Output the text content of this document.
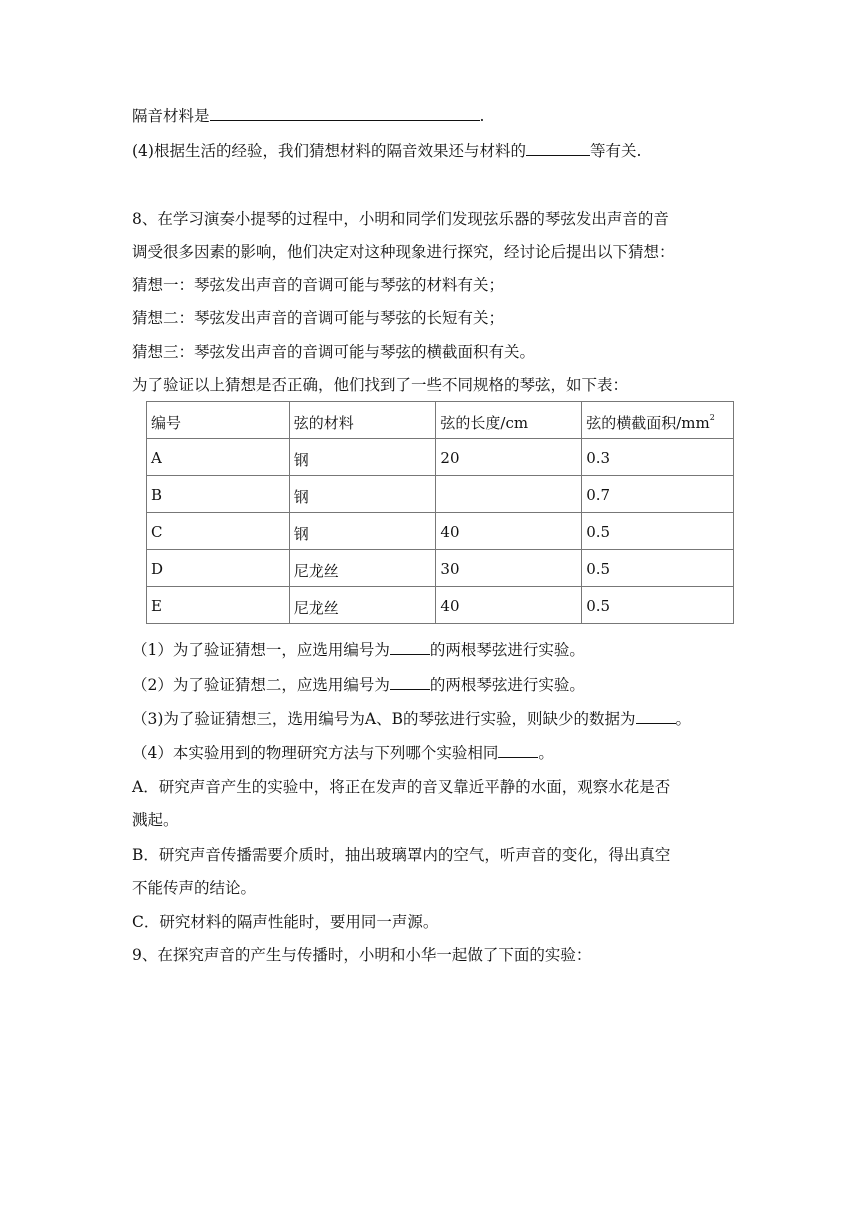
隔音材料是	.
(4)根据生活的经验，我们猜想材料的隔音效果还与材料的	等有关.
8、在学习演奏小提琴的过程中，小明和同学们发现弦乐器的琴弦发出声音的音
调受很多因素的影响，他们决定对这种现象进行探究，经讨论后提出以下猜想：
猜想一：琴弦发出声音的音调可能与琴弦的材料有关；
猜想二：琴弦发出声音的音调可能与琴弦的长短有关；
猜想三：琴弦发出声音的音调可能与琴弦的横截面积有关。
为了验证以上猜想是否正确，他们找到了一些不同规格的琴弦，如下表：
编号	弦的材料	弦的长度/cm	弦的横截面积$/mm^2$
A	钢	20	0.3
B	钢		0.7
C	钢	40	0.5
D	尼龙丝	30	0.5
E	尼龙丝	40	0.5
（1）为了验证猜想一，应选用编号为	的两根琴弦进行实验。
（2）为了验证猜想二，应选用编号为	的两根琴弦进行实验。
（3)为了验证猜想三，选用编号为A、B的琴弦进行实验，则缺少的数据为	。
（4）本实验用到的物理研究方法与下列哪个实验相同	。
A．研究声音产生的实验中，将正在发声的音叉靠近平静的水面，观察水花是否
溅起。
B．研究声音传播需要介质时，抽出玻璃罩内的空气，听声音的变化，得出真空
不能传声的结论。
C．研究材料的隔声性能时，要用同一声源。
9、在探究声音的产生与传播时，小明和小华一起做了下面的实验：
